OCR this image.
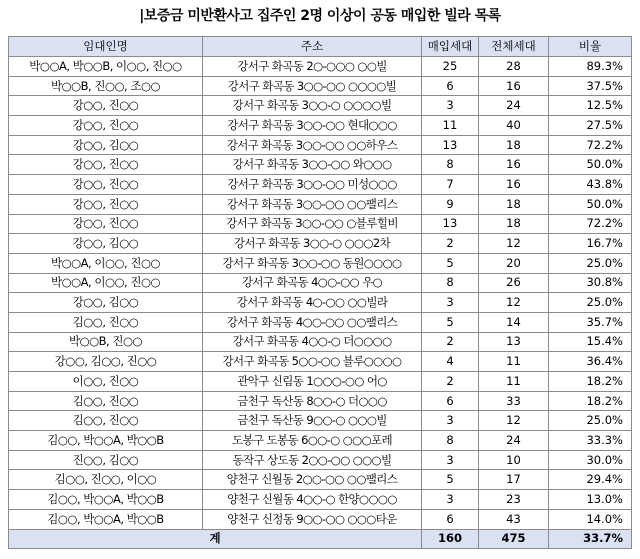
|보증금 미반환사고 집주인 2명 이상이 공동 매입한 빌라 목록
임대인명	주소	매입세대	전체세대	비율
박○○A, 박○○B, 이○○, 진○○	강서구 화곡동 2○-○○○ ○○빌	25	28	89.3%
박○○B, 진○○, 조○○	강서구 화곡동 3○○-○○ ○○○○빌	6	16	37.5%
강○○, 진○○	강서구 화곡동 3○○-○ ○○○○빌	3	24	12.5%
강○○, 진○○	강서구 화곡동 3○○-○○ 현대○○○	11	40	27.5%
강○○, 김○○	강서구 화곡동 3○○-○○ ○○하우스	13	18	72.2%
강○○, 진○○	강서구 화곡동 3○○-○○ 와○○○	8	16	50.0%
강○○, 진○○	강서구 화곡동 3○○-○○ 미성○○○	7	16	43.8%
강○○, 진○○	강서구 화곡동 3○○-○○ ○○팰리스	9	18	50.0%
강○○, 진○○	강서구 화곡동 3○○-○○ ○블루힐비	13	18	72.2%
강○○, 김○○	강서구 화곡동 3○○-○ ○○○2차	2	12	16.7%
박○○A, 이○○, 진○○	강서구 화곡동 3○○-○○ 동원○○○○	5	20	25.0%
박○○A, 이○○, 진○○	강서구 화곡동 4○○-○○ 우○	8	26	30.8%
강○○, 김○○	강서구 화곡동 4○-○○ ○○빌라	3	12	25.0%
김○○, 진○○	강서구 화곡동 4○○-○○ ○○팰리스	5	14	35.7%
박○○B, 진○○	강서구 화곡동 4○○-○ 더○○○○	2	13	15.4%
강○○, 김○○, 진○○	강서구 화곡동 5○○-○○ 블루○○○○	4	11	36.4%
이○○, 진○○	관악구 신림동 1○○○-○○ 어○	2	11	18.2%
김○○, 진○○	금천구 독산동 8○○-○ 더○○○	6	33	18.2%
김○○, 진○○	금천구 독산동 9○○-○ ○○○빌	3	12	25.0%
김○○, 박○○A, 박○○B	도봉구 도봉동 6○○-○ ○○○포레	8	24	33.3%
진○○, 김○○	동작구 상도동 2○○-○○ ○○○빌	3	10	30.0%
김○○, 진○○, 이○○	양천구 신월동 2○○-○○ ○○팰리스	5	17	29.4%
김○○, 박○○A, 박○○B	양천구 신월동 4○○-○ 한양○○○○	3	23	13.0%
김○○, 박○○A, 박○○B	양천구 신정동 9○○-○○ ○○○타운	6	43	14.0%
계		160	475	33.7%
